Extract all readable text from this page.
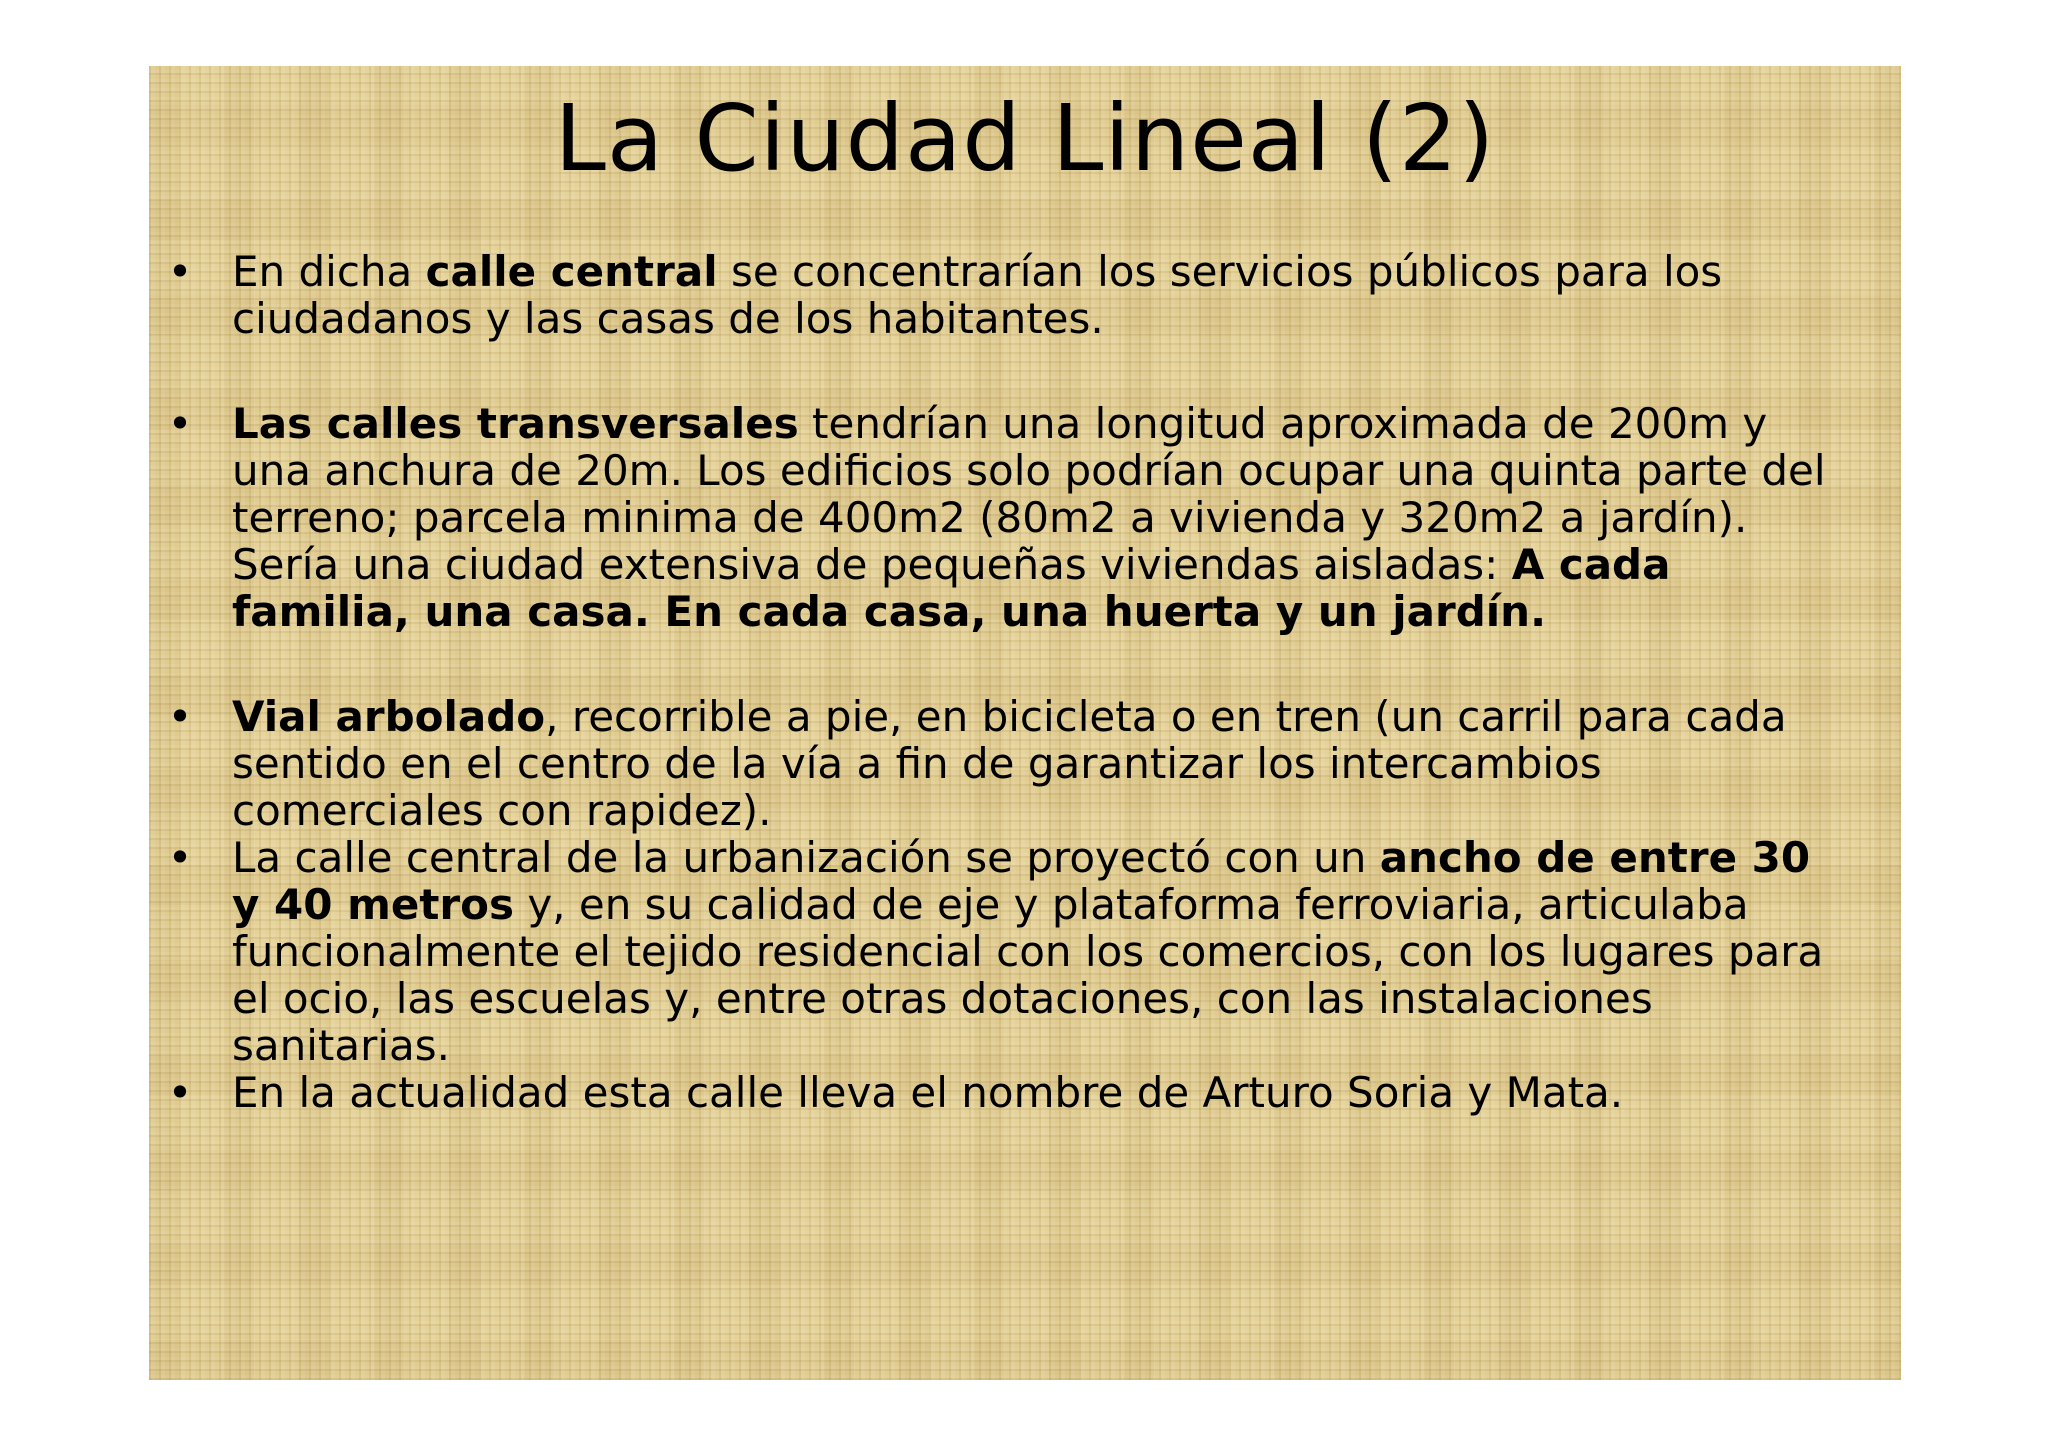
La Ciudad Lineal (2)
• En dicha calle central se concentrarían los servicios públicos para los ciudadanos y las casas de los habitantes.
• Las calles transversales tendrían una longitud aproximada de 200m y una anchura de 20m. Los edificios solo podrían ocupar una quinta parte del terreno; parcela minima de 400m2 (80m2 a vivienda y 320m2 a jardín). Sería una ciudad extensiva de pequeñas viviendas aisladas: A cada familia, una casa. En cada casa, una huerta y un jardín.
• Vial arbolado, recorrible a pie, en bicicleta o en tren (un carril para cada sentido en el centro de la vía a fin de garantizar los intercambios comerciales con rapidez).
• La calle central de la urbanización se proyectó con un ancho de entre 30 y 40 metros y, en su calidad de eje y plataforma ferroviaria, articulaba funcionalmente el tejido residencial con los comercios, con los lugares para el ocio, las escuelas y, entre otras dotaciones, con las instalaciones sanitarias.
• En la actualidad esta calle lleva el nombre de Arturo Soria y Mata.
